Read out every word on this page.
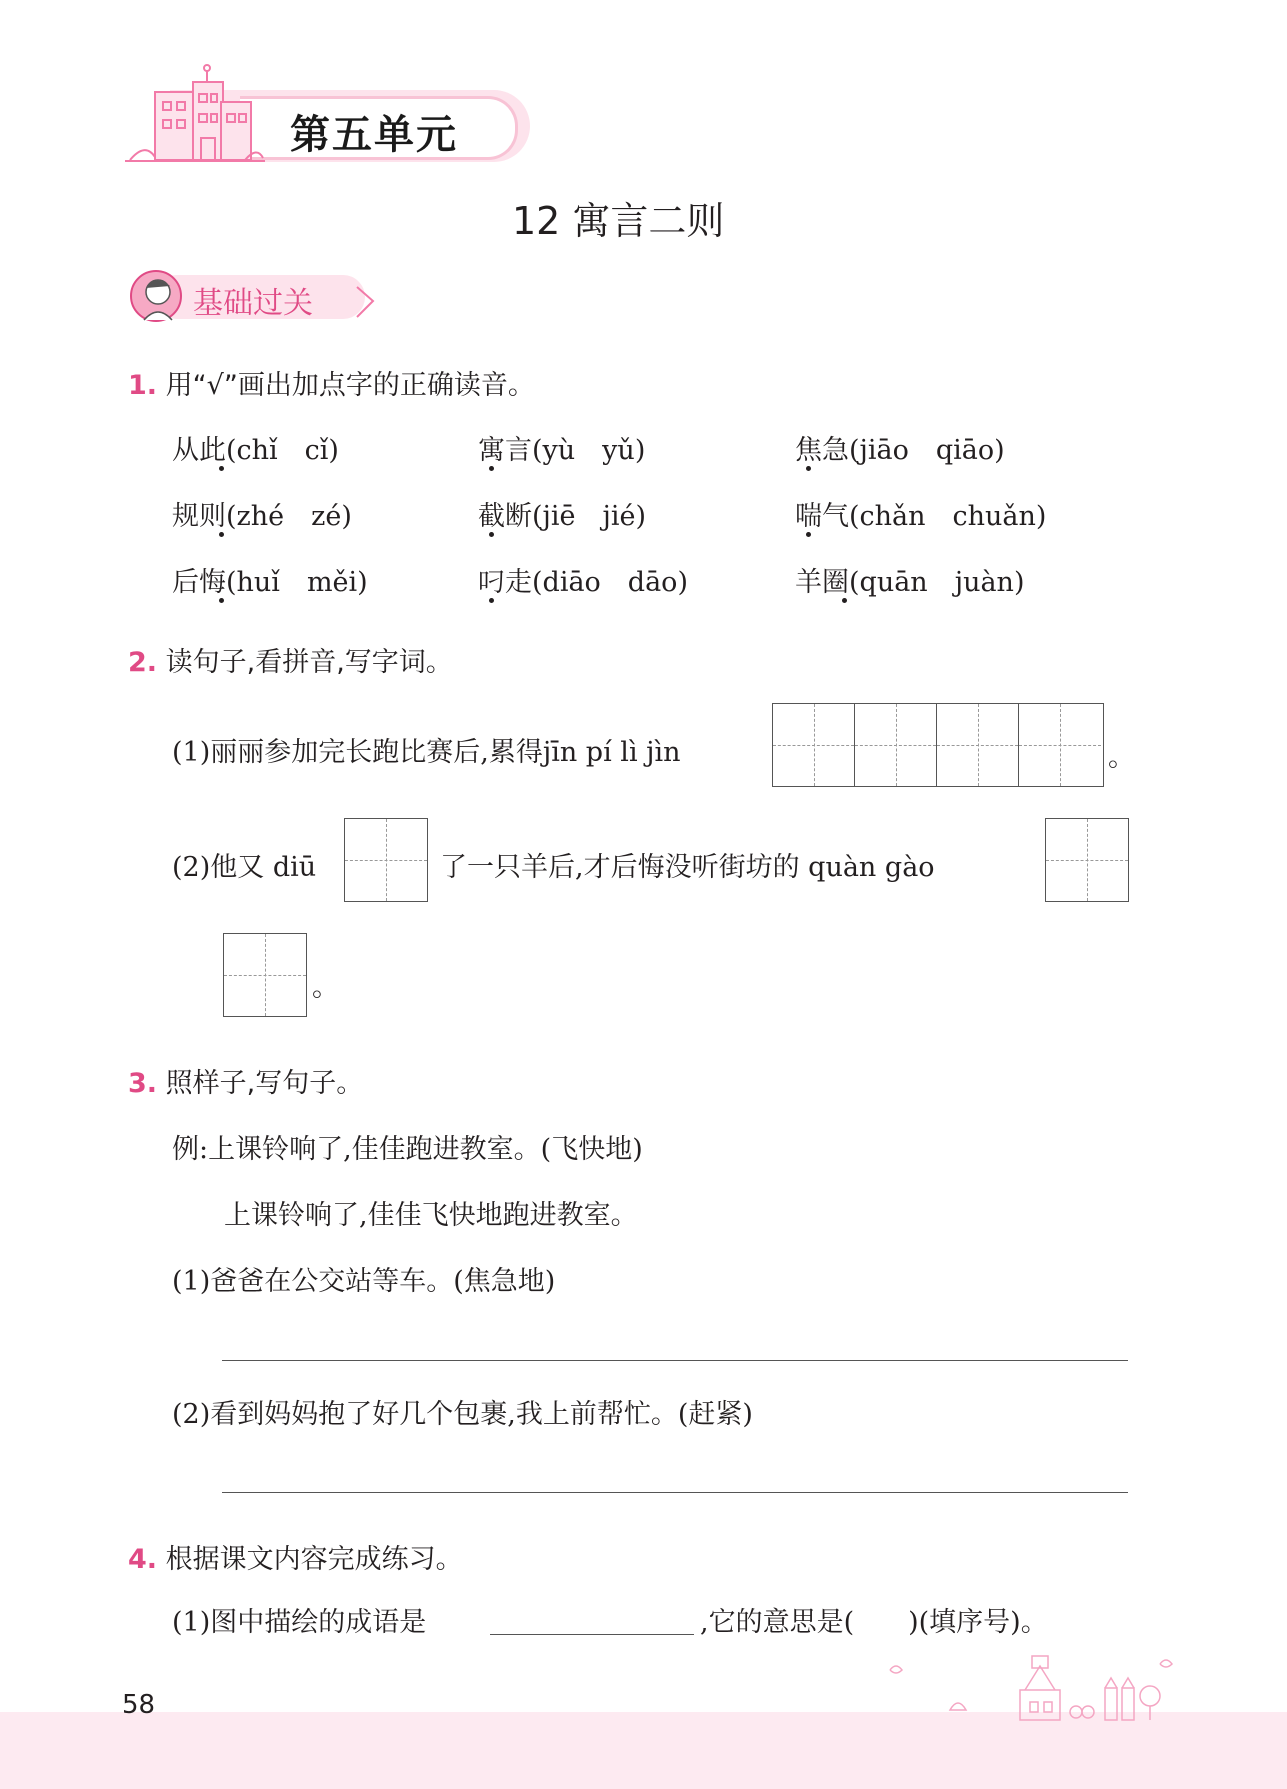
第五单元
12 寓言二则
基础过关
1. 用“√”画出加点字的正确读音。
从此(chǐ　cǐ)	寓言(yù　yǔ)	焦急(jiāo　qiāo)
规则(zhé　zé)	截断(jiē　jié)	喘气(chǎn　chuǎn)
后悔(huǐ　měi)	叼走(diāo　dāo)	羊圈(quān　juàn)
2. 读句子,看拼音,写字词。
(1)丽丽参加完长跑比赛后,累得jīn pí lì jìn	。
(2)他又 diū	了一只羊后,才后悔没听街坊的 quàn gào
。
3. 照样子,写句子。
例:上课铃响了,佳佳跑进教室。(飞快地)
上课铃响了,佳佳飞快地跑进教室。
(1)爸爸在公交站等车。(焦急地)
(2)看到妈妈抱了好几个包裹,我上前帮忙。(赶紧)
4. 根据课文内容完成练习。
(1)图中描绘的成语是	,它的意思是(　　)(填序号)。
58
